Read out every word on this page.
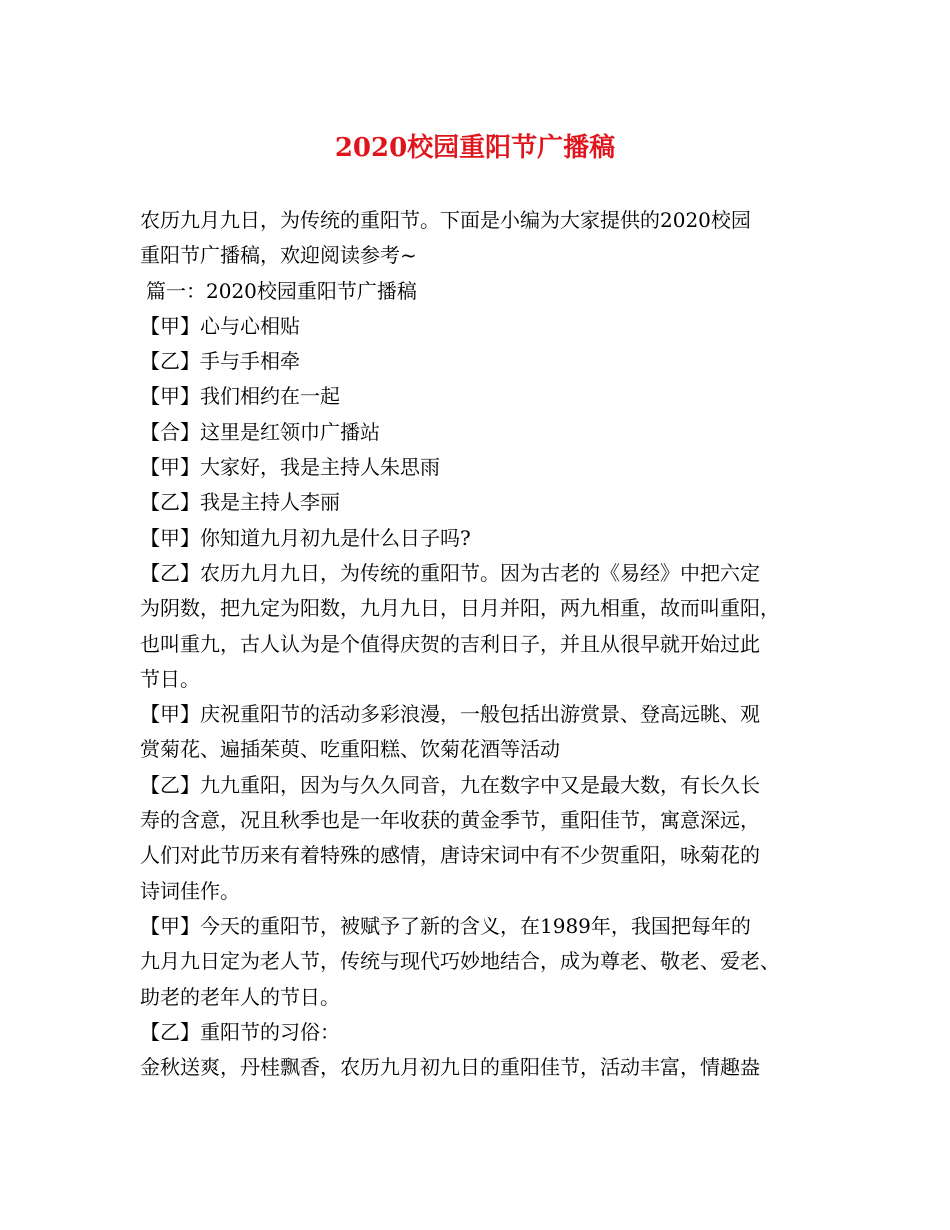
2020校园重阳节广播稿

农历九月九日，为传统的重阳节。下面是小编为大家提供的2020校园

重阳节广播稿，欢迎阅读参考~

篇一：2020校园重阳节广播稿

【甲】心与心相贴

【乙】手与手相牵

【甲】我们相约在一起

【合】这里是红领巾广播站

【甲】大家好，我是主持人朱思雨

【乙】我是主持人李丽

【甲】你知道九月初九是什么日子吗?

【乙】农历九月九日，为传统的重阳节。因为古老的《易经》中把六定

为阴数，把九定为阳数，九月九日，日月并阳，两九相重，故而叫重阳，

也叫重九，古人认为是个值得庆贺的吉利日子，并且从很早就开始过此

节日。

【甲】庆祝重阳节的活动多彩浪漫，一般包括出游赏景、登高远眺、观

赏菊花、遍插茱萸、吃重阳糕、饮菊花酒等活动

【乙】九九重阳，因为与久久同音，九在数字中又是最大数，有长久长

寿的含意，况且秋季也是一年收获的黄金季节，重阳佳节，寓意深远，

人们对此节历来有着特殊的感情，唐诗宋词中有不少贺重阳，咏菊花的

诗词佳作。

【甲】今天的重阳节，被赋予了新的含义，在1989年，我国把每年的

九月九日定为老人节，传统与现代巧妙地结合，成为尊老、敬老、爱老、

助老的老年人的节日。

【乙】重阳节的习俗：

金秋送爽，丹桂飘香，农历九月初九日的重阳佳节，活动丰富，情趣盎
